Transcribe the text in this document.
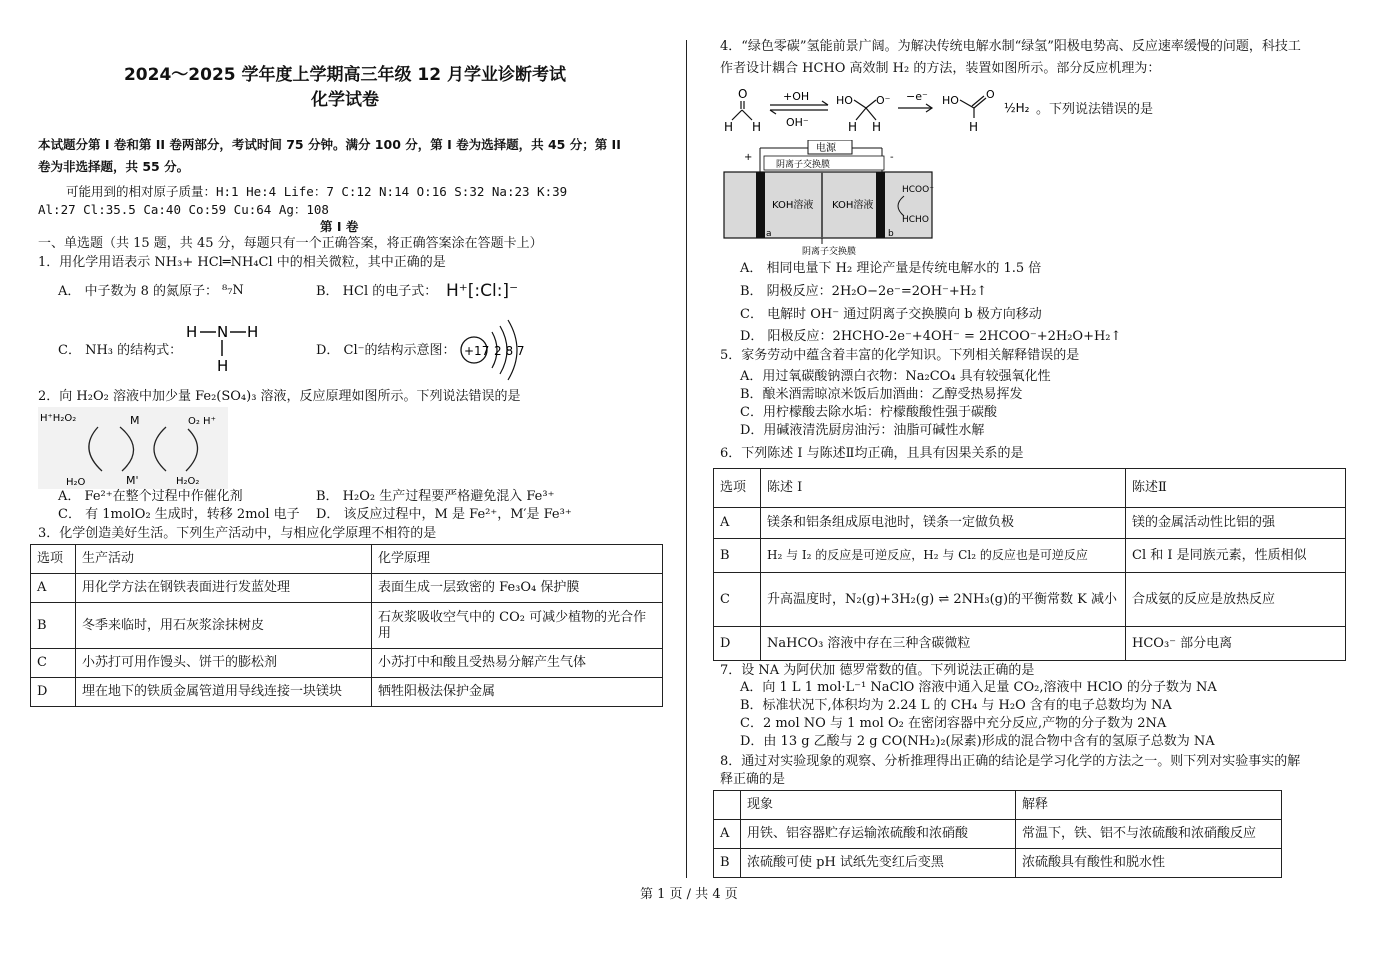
2024～2025 学年度上学期高三年级 12 月学业诊断考试
化学试卷
本试题分第 I 卷和第 II 卷两部分，考试时间 75 分钟。满分 100 分，第 I 卷为选择题，共 45 分；第 II
卷为非选择题，共 55 分。
可能用到的相对原子质量：H:1 He:4 Life：7 C:12 N:14 O:16 S:32 Na:23 K:39
Al:27 Cl:35.5 Ca:40 Co:59 Cu:64 Ag：108
第 Ⅰ 卷
一、单选题（共 15 题，共 45 分，每题只有一个正确答案，将正确答案涂在答题卡上）
1．用化学用语表示 NH₃+ HCl═NH₄Cl 中的相关微粒，其中正确的是
A． 中子数为 8 的氮原子： ⁸₇N	B． HCl 的电子式： H⁺[:Cl:]⁻
C． NH₃ 的结构式：
H N H
H
D． Cl⁻的结构示意图： +17 2 8 7
2．向 H₂O₂ 溶液中加少量 Fe₂(SO₄)₃ 溶液，反应原理如图所示。下列说法错误的是
H⁺H₂O₂	O₂ H⁺
M
H₂O	M'	H₂O₂
A． Fe²⁺在整个过程中作催化剂	B． H₂O₂ 生产过程要严格避免混入 Fe³⁺
C． 有 1molO₂ 生成时，转移 2mol 电子 D． 该反应过程中，M 是 Fe²⁺，M′是 Fe³⁺
3．化学创造美好生活。下列生产活动中，与相应化学原理不相符的是
选项	生产活动	化学原理
A	用化学方法在钢铁表面进行发蓝处理	表面生成一层致密的 Fe₃O₄ 保护膜
B	冬季来临时，用石灰浆涂抹树皮	石灰浆吸收空气中的 CO₂ 可减少植物的光合作用
C	小苏打可用作馒头、饼干的膨松剂	小苏打中和酸且受热易分解产生气体
D	埋在地下的铁质金属管道用导线连接一块镁块	牺牲阳极法保护金属
4．“绿色零碳”氢能前景广阔。为解决传统电解水制“绿氢”阳极电势高、反应速率缓慢的问题，科技工
作者设计耦合 HCHO 高效制 H₂ 的方法，装置如图所示。部分反应机理为：
O
H H
+OH
OH⁻
HO O⁻
H H
−e⁻ HO O
H
½H₂ 。下列说法错误的是
电源
+	-
阴离子交换膜
KOH溶液 KOH溶液
HCOO⁻
HCHO
a	b
阴离子交换膜
A． 相同电量下 H₂ 理论产量是传统电解水的 1.5 倍
B． 阴极反应：2H₂O−2e⁻=2OH⁻+H₂↑
C． 电解时 OH⁻ 通过阴离子交换膜向 b 极方向移动
D． 阳极反应：2HCHO-2e⁻+4OH⁻ = 2HCOO⁻+2H₂O+H₂↑
5．家务劳动中蕴含着丰富的化学知识。下列相关解释错误的是
A．用过氧碳酸钠漂白衣物：Na₂CO₄ 具有较强氧化性
B．酿米酒需晾凉米饭后加酒曲：乙醇受热易挥发
C．用柠檬酸去除水垢：柠檬酸酸性强于碳酸
D．用碱液清洗厨房油污：油脂可碱性水解
6．下列陈述 I 与陈述Ⅱ均正确，且具有因果关系的是
选项	陈述 I	陈述Ⅱ
A	镁条和铝条组成原电池时，镁条一定做负极	镁的金属活动性比铝的强
B	H₂ 与 I₂ 的反应是可逆反应，H₂ 与 Cl₂ 的反应也是可逆反应	Cl 和 I 是同族元素，性质相似
C	升高温度时，N₂(g)+3H₂(g) ⇌ 2NH₃(g)的平衡常数 K 减小	合成氨的反应是放热反应
D	NaHCO₃ 溶液中存在三种含碳微粒	HCO₃⁻ 部分电离
7．设 NA 为阿伏加 德罗常数的值。下列说法正确的是
A．向 1 L 1 mol·L⁻¹ NaClO 溶液中通入足量 CO₂,溶液中 HClO 的分子数为 NA
B．标准状况下,体积均为 2.24 L 的 CH₄ 与 H₂O 含有的电子总数均为 NA
C．2 mol NO 与 1 mol O₂ 在密闭容器中充分反应,产物的分子数为 2NA
D．由 13 g 乙酸与 2 g CO(NH₂)₂(尿素)形成的混合物中含有的氢原子总数为 NA
8．通过对实验现象的观察、分析推理得出正确的结论是学习化学的方法之一。则下列对实验事实的解
释正确的是
	现象	解释
A	用铁、铝容器贮存运输浓硫酸和浓硝酸	常温下，铁、铝不与浓硫酸和浓硝酸反应
B	浓硫酸可使 pH 试纸先变红后变黑	浓硫酸具有酸性和脱水性
第 1 页 / 共 4 页
